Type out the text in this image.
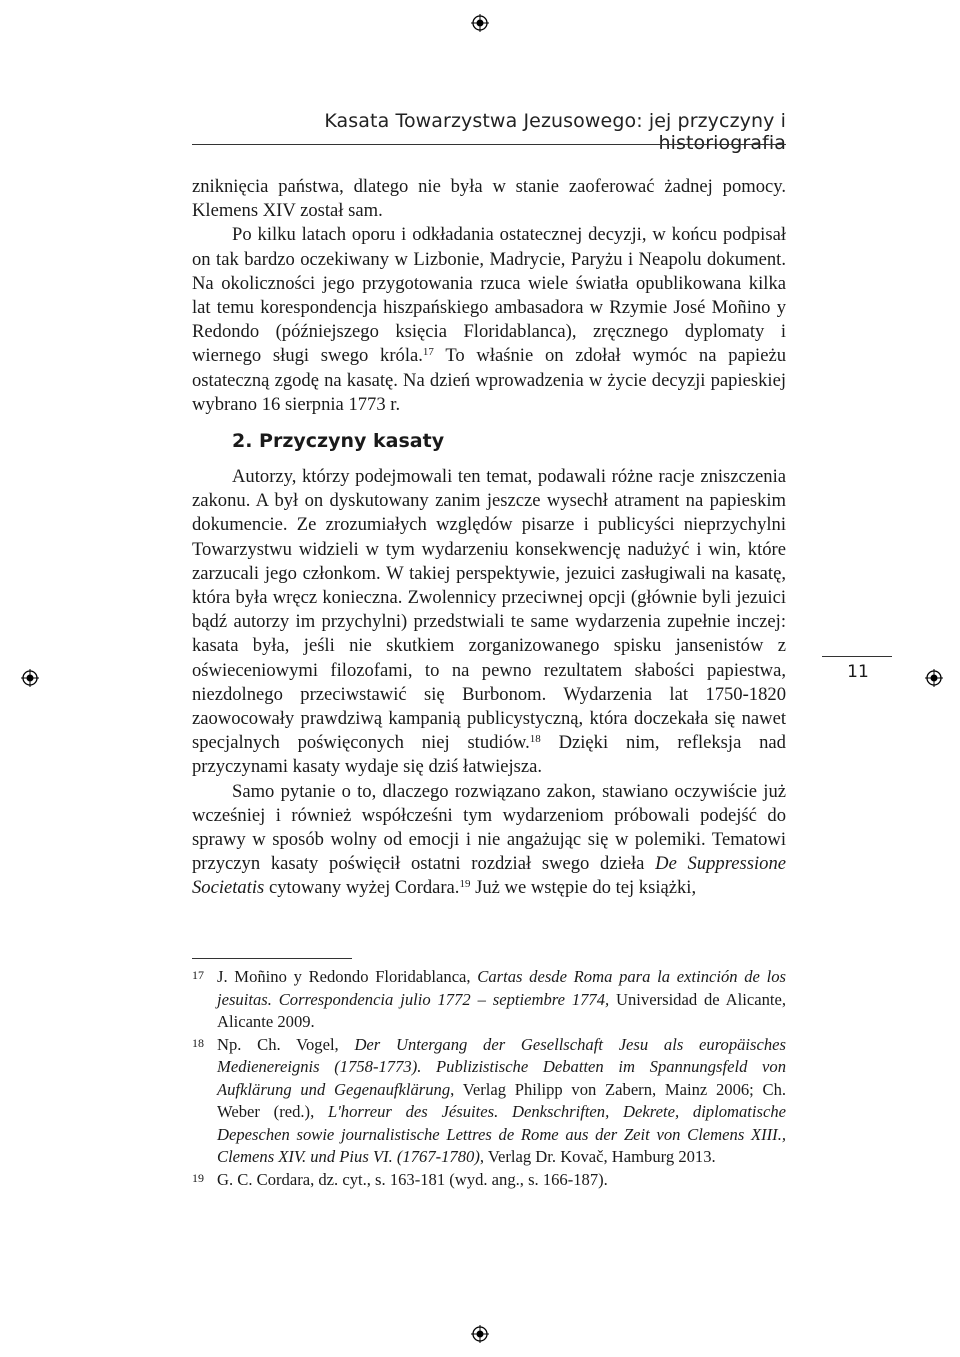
Kasata Towarzystwa Jezusowego: jej przyczyny i historiografia
11

zniknięcia państwa, dlatego nie była w stanie zaoferować żadnej pomocy. Klemens XIV został sam.

Po kilku latach oporu i odkładania ostatecznej decyzji, w końcu podpisał on tak bardzo oczekiwany w Lizbonie, Madrycie, Paryżu i Neapolu dokument. Na okoliczności jego przygotowania rzuca wiele światła opublikowana kilka lat temu korespondencja hiszpańskiego ambasadora w Rzymie José Moñino y Redondo (późniejszego księcia Floridablanca), zręcznego dyplomaty i wiernego sługi swego króla.$^{17}$ To właśnie on zdołał wymóc na papieżu ostateczną zgodę na kasatę. Na dzień wprowadzenia w życie decyzji papieskiej wybrano 16 sierpnia 1773 r.

2. Przyczyny kasaty

Autorzy, którzy podejmowali ten temat, podawali różne racje zniszczenia zakonu. A był on dyskutowany zanim jeszcze wysechł atrament na papieskim dokumencie. Ze zrozumiałych względów pisarze i publicyści nieprzychylni Towarzystwu widzieli w tym wydarzeniu konsekwencję nadużyć i win, które zarzucali jego członkom. W takiej perspektywie, jezuici zasługiwali na kasatę, która była wręcz konieczna. Zwolennicy przeciwnej opcji (głównie byli jezuici bądź autorzy im przychylni) przedstwiali te same wydarzenia zupełnie inczej: kasata była, jeśli nie skutkiem zorganizowanego spisku jansenistów z oświeceniowymi filozofami, to na pewno rezultatem słabości papiestwa, niezdolnego przeciwstawić się Burbonom. Wydarzenia lat 1750-1820 zaowocowały prawdziwą kampanią publicystyczną, która doczekała się nawet specjalnych poświęconych niej studiów.$^{18}$ Dzięki nim, refleksja nad przyczynami kasaty wydaje się dziś łatwiejsza.

Samo pytanie o to, dlaczego rozwiązano zakon, stawiano oczywiście już wcześniej i również współcześni tym wydarzeniom próbowali podejść do sprawy w sposób wolny od emocji i nie angażując się w polemiki. Tematowi przyczyn kasaty poświęcił ostatni rozdział swego dzieła De Suppressione Societatis cytowany wyżej Cordara.$^{19}$ Już we wstępie do tej książki,

17 J. Moñino y Redondo Floridablanca, Cartas desde Roma para la extinción de los jesuitas. Correspondencia julio 1772 – septiembre 1774, Universidad de Alicante, Alicante 2009.
18 Np. Ch. Vogel, Der Untergang der Gesellschaft Jesu als europäisches Medienereignis (1758-1773). Publizistische Debatten im Spannungsfeld von Aufklärung und Gegenaufklärung, Verlag Philipp von Zabern, Mainz 2006; Ch. Weber (red.), L'horreur des Jésuites. Denkschriften, Dekrete, diplomatische Depeschen sowie journalistische Lettres de Rome aus der Zeit von Clemens XIII., Clemens XIV. und Pius VI. (1767-1780), Verlag Dr. Kovač, Hamburg 2013.
19 G. C. Cordara, dz. cyt., s. 163-181 (wyd. ang., s. 166-187).
